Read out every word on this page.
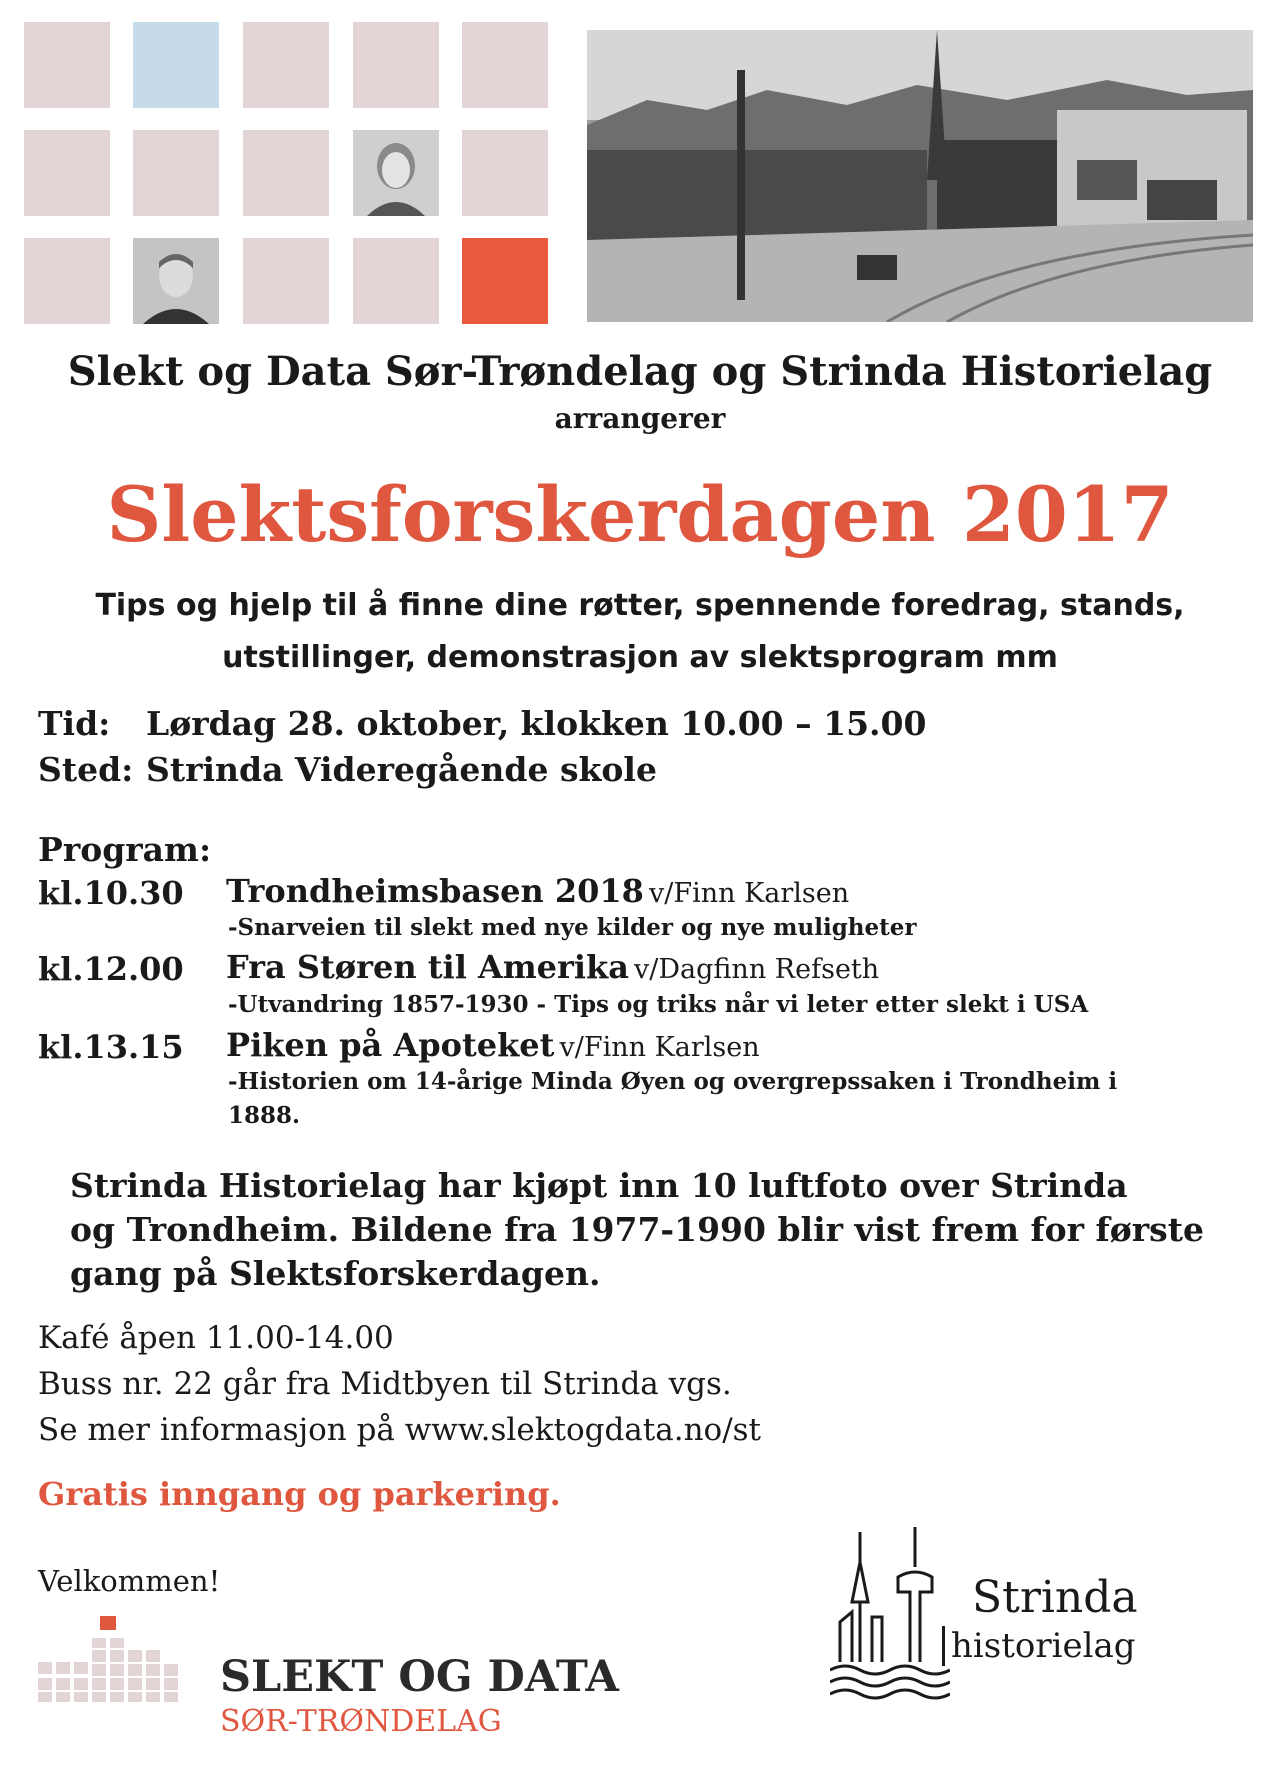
Slekt og Data Sør-Trøndelag og Strinda Historielag
arrangerer
Slektsforskerdagen 2017
Tips og hjelp til å finne dine røtter, spennende foredrag, stands,
utstillinger, demonstrasjon av slektsprogram mm
Tid: Lørdag 28. oktober, klokken 10.00 – 15.00
Sted: Strinda Videregående skole
Program:
kl.10.30 Trondheimsbasen 2018 v/Finn Karlsen
-Snarveien til slekt med nye kilder og nye muligheter
kl.12.00 Fra Støren til Amerika v/Dagfinn Refseth
-Utvandring 1857-1930 - Tips og triks når vi leter etter slekt i USA
kl.13.15 Piken på Apoteket v/Finn Karlsen
-Historien om 14-årige Minda Øyen og overgrepssaken i Trondheim i
1888.
Strinda Historielag har kjøpt inn 10 luftfoto over Strinda
og Trondheim. Bildene fra 1977-1990 blir vist frem for første
gang på Slektsforskerdagen.
Kafé åpen 11.00-14.00
Buss nr. 22 går fra Midtbyen til Strinda vgs.
Se mer informasjon på www.slektogdata.no/st
Gratis inngang og parkering.
Velkommen!
SLEKT OG DATA
SØR-TRØNDELAG
Strinda
historielag
